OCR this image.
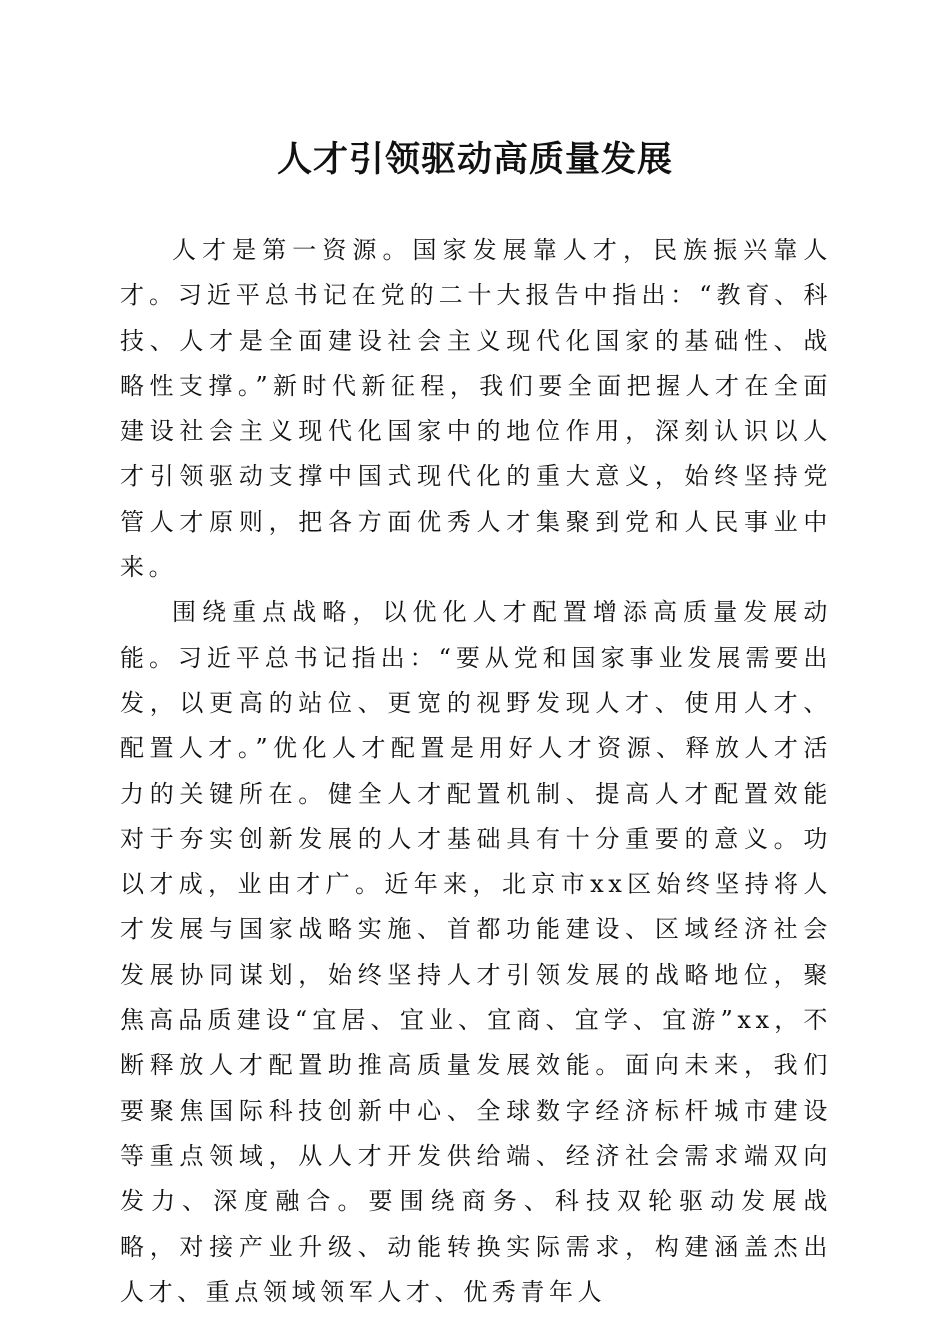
人才引领驱动高质量发展

人才是第一资源。国家发展靠人才，民族振兴靠人才。习近平总书记在党的二十大报告中指出：“教育、科技、人才是全面建设社会主义现代化国家的基础性、战略性支撑。”新时代新征程，我们要全面把握人才在全面建设社会主义现代化国家中的地位作用，深刻认识以人才引领驱动支撑中国式现代化的重大意义，始终坚持党管人才原则，把各方面优秀人才集聚到党和人民事业中来。

围绕重点战略，以优化人才配置增添高质量发展动能。习近平总书记指出：“要从党和国家事业发展需要出发，以更高的站位、更宽的视野发现人才、使用人才、配置人才。”优化人才配置是用好人才资源、释放人才活力的关键所在。健全人才配置机制、提高人才配置效能对于夯实创新发展的人才基础具有十分重要的意义。功以才成，业由才广。近年来，北京市xx区始终坚持将人才发展与国家战略实施、首都功能建设、区域经济社会发展协同谋划，始终坚持人才引领发展的战略地位，聚焦高品质建设“宜居、宜业、宜商、宜学、宜游”xx，不断释放人才配置助推高质量发展效能。面向未来，我们要聚焦国际科技创新中心、全球数字经济标杆城市建设等重点领域，从人才开发供给端、经济社会需求端双向发力、深度融合。要围绕商务、科技双轮驱动发展战略，对接产业升级、动能转换实际需求，构建涵盖杰出人才、重点领域领军人才、优秀青年人
